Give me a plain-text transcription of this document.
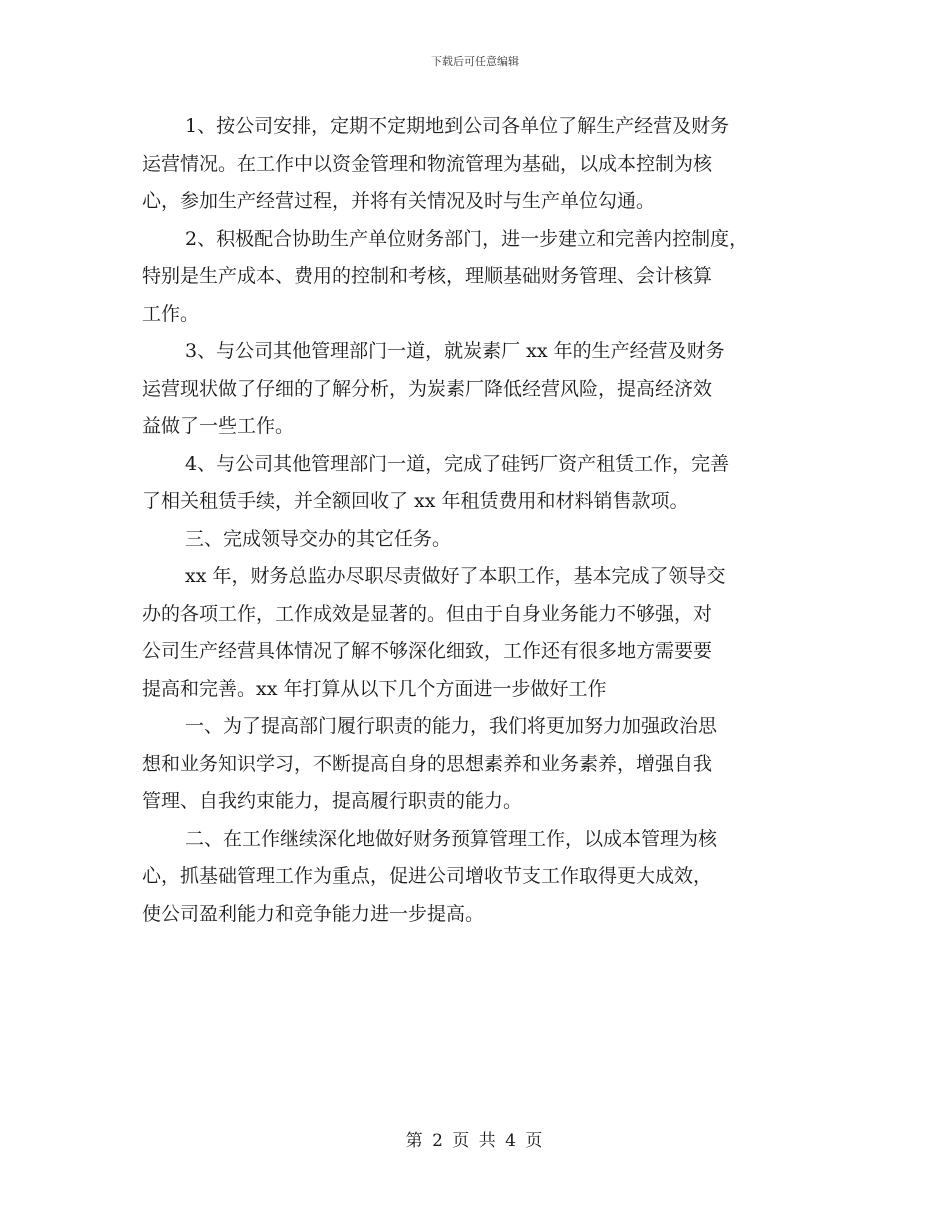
下载后可任意编辑

1、按公司安排，定期不定期地到公司各单位了解生产经营及财务
运营情况。在工作中以资金管理和物流管理为基础，以成本控制为核
心，参加生产经营过程，并将有关情况及时与生产单位勾通。

2、积极配合协助生产单位财务部门，进一步建立和完善内控制度，
特别是生产成本、费用的控制和考核，理顺基础财务管理、会计核算
工作。

3、与公司其他管理部门一道，就炭素厂 xx 年的生产经营及财务
运营现状做了仔细的了解分析，为炭素厂降低经营风险，提高经济效
益做了一些工作。

4、与公司其他管理部门一道，完成了硅钙厂资产租赁工作，完善
了相关租赁手续，并全额回收了 xx 年租赁费用和材料销售款项。

三、完成领导交办的其它任务。

xx 年，财务总监办尽职尽责做好了本职工作，基本完成了领导交
办的各项工作，工作成效是显著的。但由于自身业务能力不够强，对
公司生产经营具体情况了解不够深化细致，工作还有很多地方需要要
提高和完善。xx 年打算从以下几个方面进一步做好工作

一、为了提高部门履行职责的能力，我们将更加努力加强政治思
想和业务知识学习，不断提高自身的思想素养和业务素养，增强自我
管理、自我约束能力，提高履行职责的能力。

二、在工作继续深化地做好财务预算管理工作，以成本管理为核
心，抓基础管理工作为重点，促进公司增收节支工作取得更大成效，
使公司盈利能力和竞争能力进一步提高。

第 2 页 共 4 页
